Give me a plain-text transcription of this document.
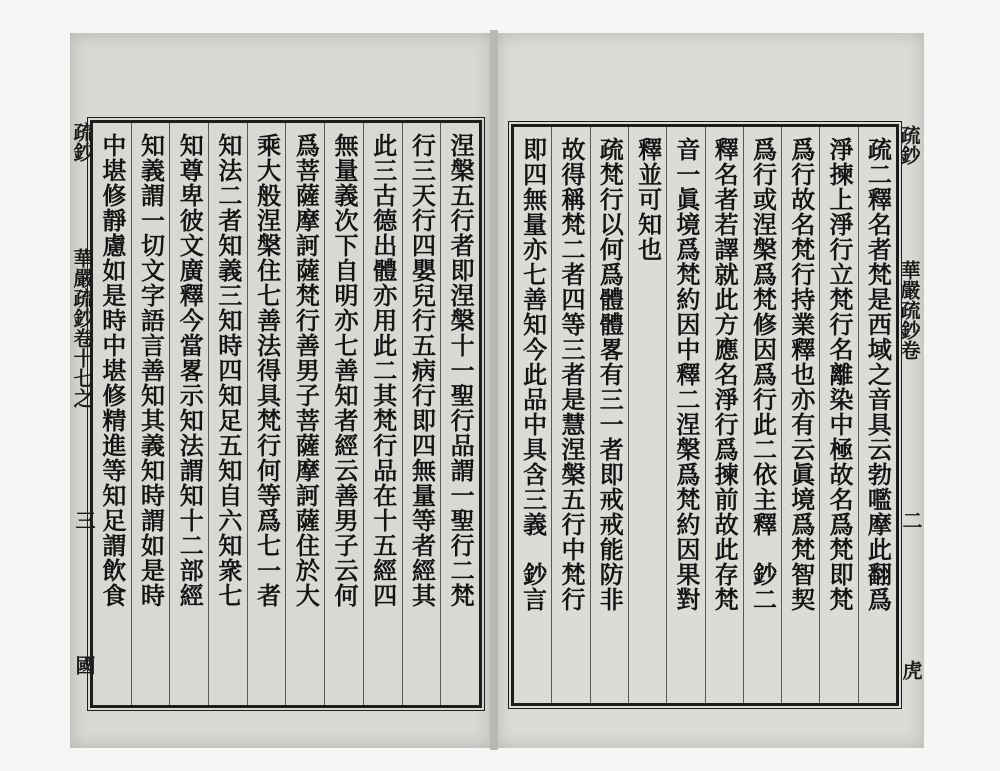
疏鈔
華嚴疏鈔卷十七之
三
國
涅槃五行者即涅槃十一聖行品謂一聖行二梵
行三天行四嬰兒行五病行即四無量等者經其
此三古德出體亦用此二其梵行品在十五經四
無量義次下自明亦七善知者經云善男子云何
爲菩薩摩訶薩梵行善男子菩薩摩訶薩住於大
乘大般涅槃住七善法得具梵行何等爲七一者
知法二者知義三知時四知足五知自六知衆七
知尊卑彼文廣釋今當畧示知法謂知十二部經
知義謂一切文字語言善知其義知時謂如是時
中堪修靜慮如是時中堪修精進等知足謂飲食	疏鈔
華嚴疏鈔卷
二
虎
疏二釋名者梵是西域之音具云勃嚂摩此翻爲
淨揀上淨行立梵行名離染中極故名爲梵即梵
爲行故名梵行持業釋也亦有云眞境爲梵智契
爲行或涅槃爲梵修因爲行此二依主釋　鈔二
釋名者若譯就此方應名淨行爲揀前故此存梵
音一眞境爲梵約因中釋二涅槃爲梵約因果對
釋並可知也
疏梵行以何爲體體畧有三一者即戒戒能防非
故得稱梵二者四等三者是慧涅槃五行中梵行
即四無量亦七善知今此品中具含三義　鈔言
